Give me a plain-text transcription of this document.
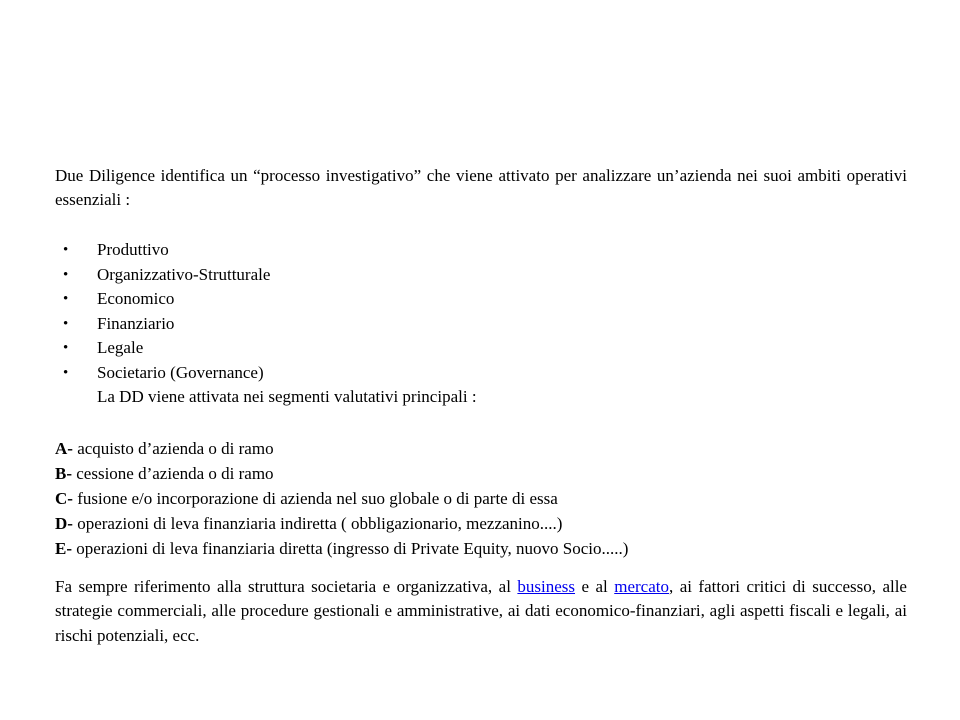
Due Diligence identifica un “processo investigativo” che viene attivato per analizzare un’azienda nei suoi ambiti operativi essenziali :

• Produttivo
• Organizzativo-Strutturale
• Economico
• Finanziario
• Legale
• Societario (Governance)
La DD viene attivata nei segmenti valutativi principali :
A- acquisto d’azienda o di ramo
B- cessione d’azienda o di ramo
C- fusione e/o incorporazione di azienda nel suo globale o di parte di essa
D- operazioni di leva finanziaria indiretta ( obbligazionario, mezzanino....)
E- operazioni di leva finanziaria diretta (ingresso di Private Equity, nuovo Socio.....)

Fa sempre riferimento alla struttura societaria e organizzativa, al business e al mercato, ai fattori critici di successo, alle strategie commerciali, alle procedure gestionali e amministrative, ai dati economico-finanziari, agli aspetti fiscali e legali, ai rischi potenziali, ecc.
